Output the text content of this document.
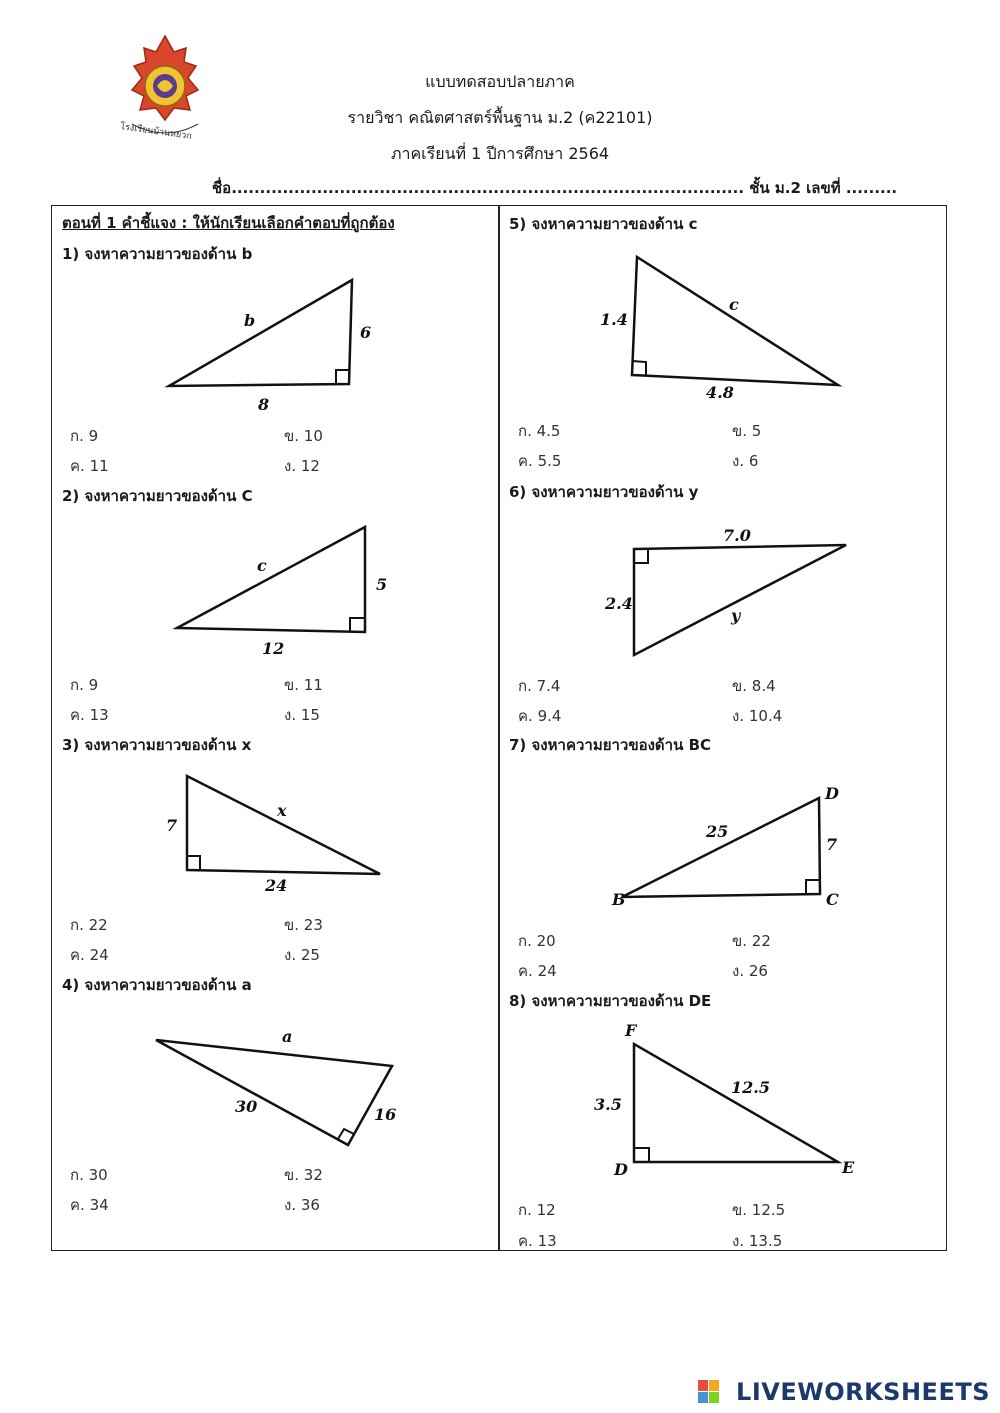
โรงเรียนบ้านหยวก
แบบทดสอบปลายภาค
รายวิชา คณิตศาสตร์พื้นฐาน ม.2 (ค22101)
ภาคเรียนที่ 1 ปีการศึกษา 2564
ชื่อ.......................................................................................... ชั้น ม.2 เลขที่ .........
ตอนที่ 1 คำชี้แจง : ให้นักเรียนเลือกคำตอบที่ถูกต้อง
1) จงหาความยาวของด้าน b
b
6
8
ก. 9	ข. 10
ค. 11	ง. 12
2) จงหาความยาวของด้าน C
c
5
12
ก. 9	ข. 11
ค. 13	ง. 15
3) จงหาความยาวของด้าน x
7
x
24
ก. 22	ข. 23
ค. 24	ง. 25
4) จงหาความยาวของด้าน a
a
30	16
ก. 30	ข. 32
ค. 34	ง. 36
5) จงหาความยาวของด้าน c
1.4
c
4.8
ก. 4.5	ข. 5
ค. 5.5	ง. 6
6) จงหาความยาวของด้าน y
7.0
2.4
y
ก. 7.4	ข. 8.4
ค. 9.4	ง. 10.4
7) จงหาความยาวของด้าน BC
D
25
7
B	C
ก. 20	ข. 22
ค. 24	ง. 26
8) จงหาความยาวของด้าน DE
F
12.5
3.5
D	E
ก. 12	ข. 12.5
ค. 13	ง. 13.5
LIVEWORKSHEETS
